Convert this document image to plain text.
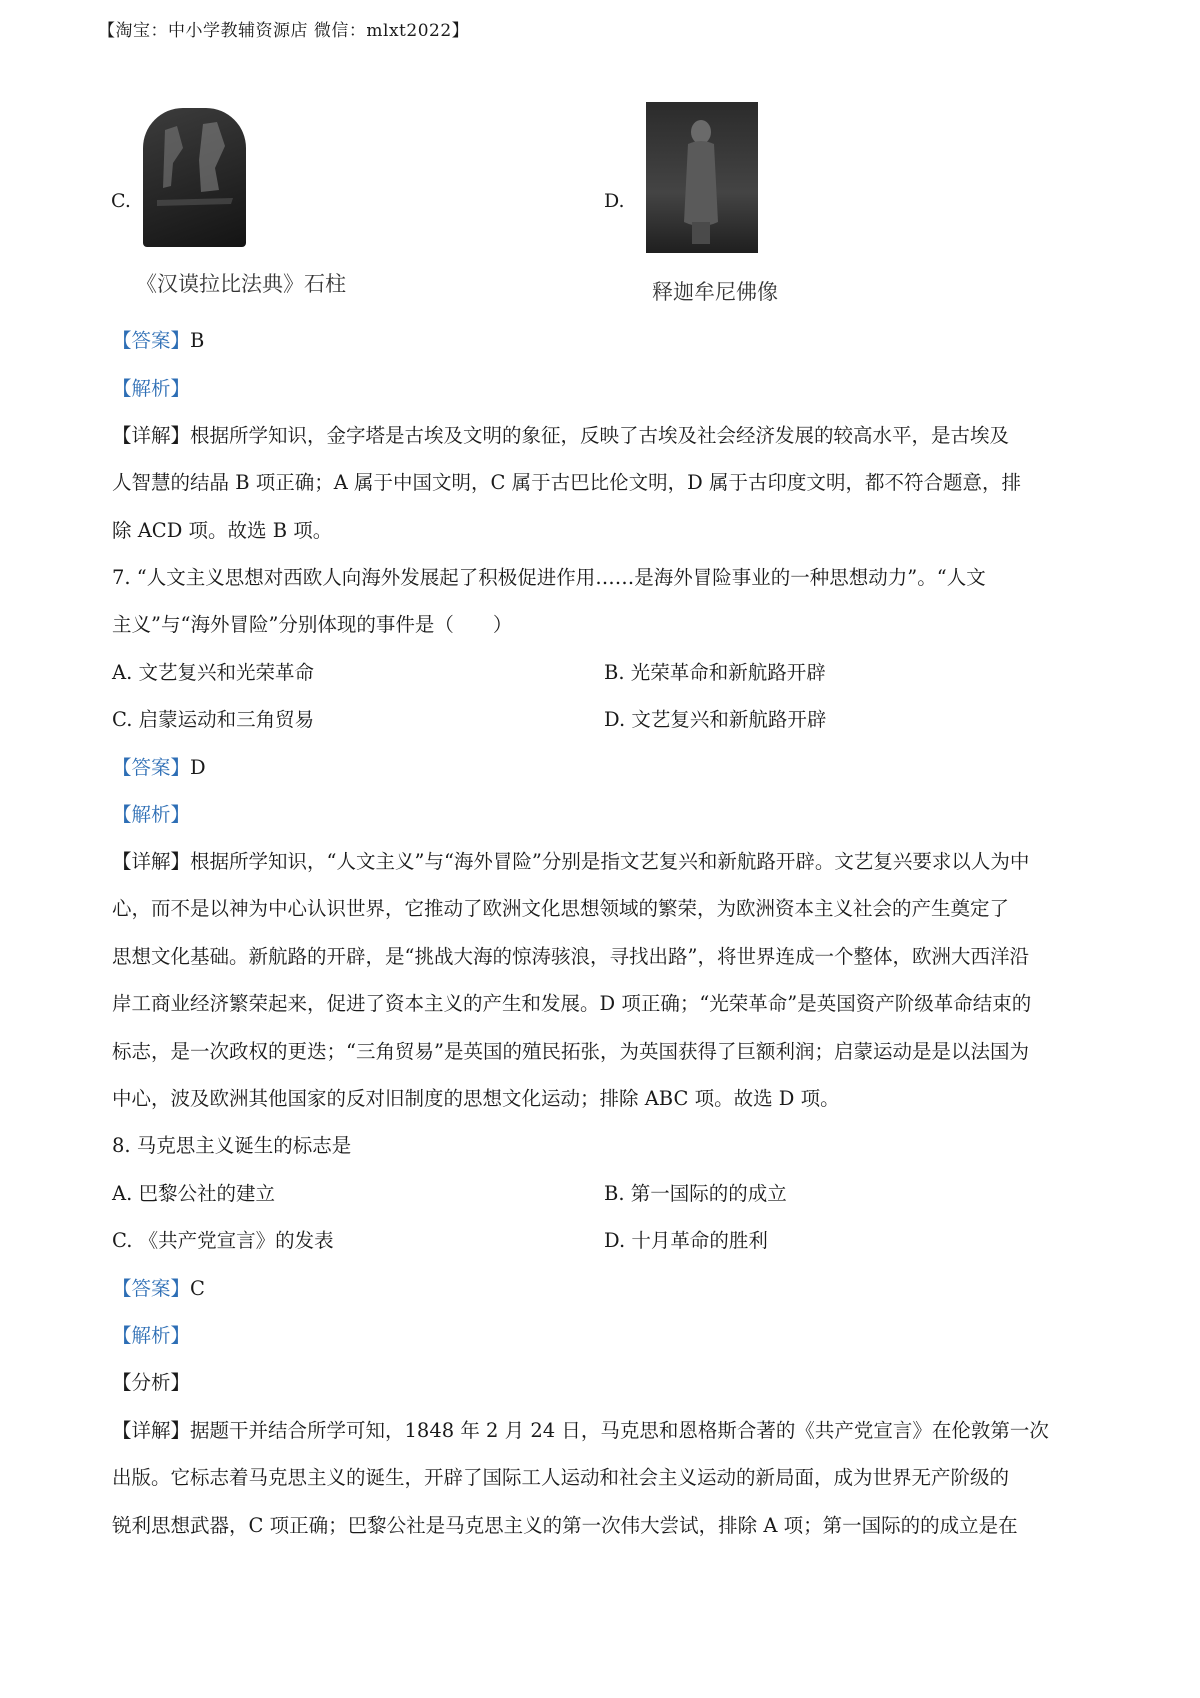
【淘宝：中小学教辅资源店 微信：mlxt2022】
C.
《汉谟拉比法典》石柱
D.
释迦牟尼佛像
【答案】B
【解析】
【详解】根据所学知识，金字塔是古埃及文明的象征，反映了古埃及社会经济发展的较高水平，是古埃及
人智慧的结晶 B 项正确；A 属于中国文明，C 属于古巴比伦文明，D 属于古印度文明，都不符合题意，排
除 ACD 项。故选 B 项。
7. “人文主义思想对西欧人向海外发展起了积极促进作用……是海外冒险事业的一种思想动力”。“人文
主义”与“海外冒险”分别体现的事件是（　　）
A. 文艺复兴和光荣革命	B. 光荣革命和新航路开辟
C. 启蒙运动和三角贸易	D. 文艺复兴和新航路开辟
【答案】D
【解析】
【详解】根据所学知识，“人文主义”与“海外冒险”分别是指文艺复兴和新航路开辟。文艺复兴要求以人为中
心，而不是以神为中心认识世界，它推动了欧洲文化思想领域的繁荣，为欧洲资本主义社会的产生奠定了
思想文化基础。新航路的开辟，是“挑战大海的惊涛骇浪，寻找出路”，将世界连成一个整体，欧洲大西洋沿
岸工商业经济繁荣起来，促进了资本主义的产生和发展。D 项正确；“光荣革命”是英国资产阶级革命结束的
标志，是一次政权的更迭；“三角贸易”是英国的殖民拓张，为英国获得了巨额利润；启蒙运动是是以法国为
中心，波及欧洲其他国家的反对旧制度的思想文化运动；排除 ABC 项。故选 D 项。
8. 马克思主义诞生的标志是
A. 巴黎公社的建立	B. 第一国际的的成立
C. 《共产党宣言》的发表	D. 十月革命的胜利
【答案】C
【解析】
【分析】
【详解】据题干并结合所学可知，1848 年 2 月 24 日，马克思和恩格斯合著的《共产党宣言》在伦敦第一次
出版。它标志着马克思主义的诞生，开辟了国际工人运动和社会主义运动的新局面，成为世界无产阶级的
锐利思想武器，C 项正确；巴黎公社是马克思主义的第一次伟大尝试，排除 A 项；第一国际的的成立是在
